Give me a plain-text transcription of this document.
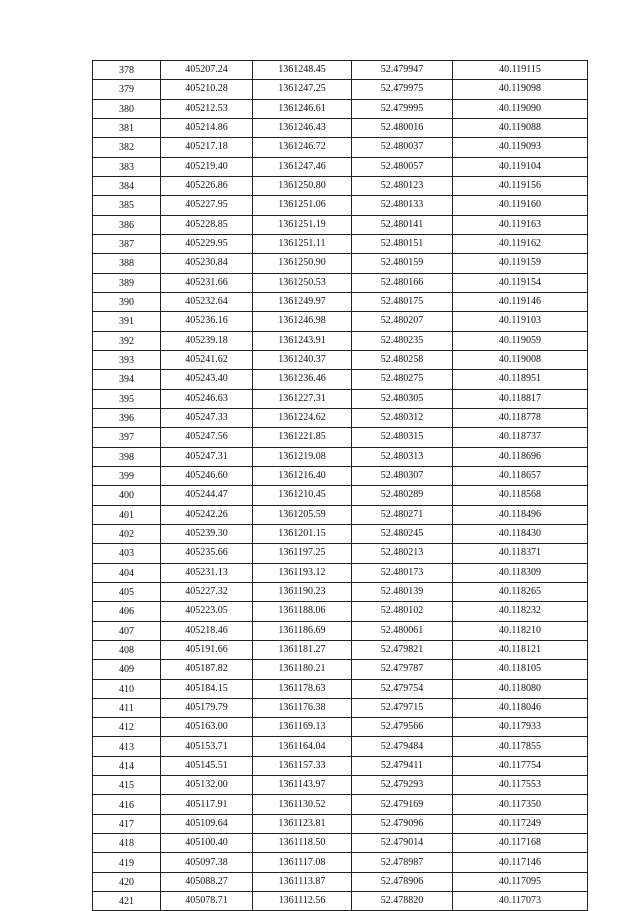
378	405207.24	1361248.45	52.479947	40.119115
379	405210.28	1361247.25	52.479975	40.119098
380	405212.53	1361246.61	52.479995	40.119090
381	405214.86	1361246.43	52.480016	40.119088
382	405217.18	1361246.72	52.480037	40.119093
383	405219.40	1361247.46	52.480057	40.119104
384	405226.86	1361250.80	52.480123	40.119156
385	405227.95	1361251.06	52.480133	40.119160
386	405228.85	1361251.19	52.480141	40.119163
387	405229.95	1361251.11	52.480151	40.119162
388	405230.84	1361250.90	52.480159	40.119159
389	405231.66	1361250.53	52.480166	40.119154
390	405232.64	1361249.97	52.480175	40.119146
391	405236.16	1361246.98	52.480207	40.119103
392	405239.18	1361243.91	52.480235	40.119059
393	405241.62	1361240.37	52.480258	40.119008
394	405243.40	1361236.46	52.480275	40.118951
395	405246.63	1361227.31	52.480305	40.118817
396	405247.33	1361224.62	52.480312	40.118778
397	405247.56	1361221.85	52.480315	40.118737
398	405247.31	1361219.08	52.480313	40.118696
399	405246.60	1361216.40	52.480307	40.118657
400	405244.47	1361210.45	52.480289	40.118568
401	405242.26	1361205.59	52.480271	40.118496
402	405239.30	1361201.15	52.480245	40.118430
403	405235.66	1361197.25	52.480213	40.118371
404	405231.13	1361193.12	52.480173	40.118309
405	405227.32	1361190.23	52.480139	40.118265
406	405223.05	1361188.06	52.480102	40.118232
407	405218.46	1361186.69	52.480061	40.118210
408	405191.66	1361181.27	52.479821	40.118121
409	405187.82	1361180.21	52.479787	40.118105
410	405184.15	1361178.63	52.479754	40.118080
411	405179.79	1361176.38	52.479715	40.118046
412	405163.00	1361169.13	52.479566	40.117933
413	405153.71	1361164.04	52.479484	40.117855
414	405145.51	1361157.33	52.479411	40.117754
415	405132.00	1361143.97	52.479293	40.117553
416	405117.91	1361130.52	52.479169	40.117350
417	405109.64	1361123.81	52.479096	40.117249
418	405100.40	1361118.50	52.479014	40.117168
419	405097.38	1361117.08	52.478987	40.117146
420	405088.27	1361113.87	52.478906	40.117095
421	405078.71	1361112.56	52.478820	40.117073
